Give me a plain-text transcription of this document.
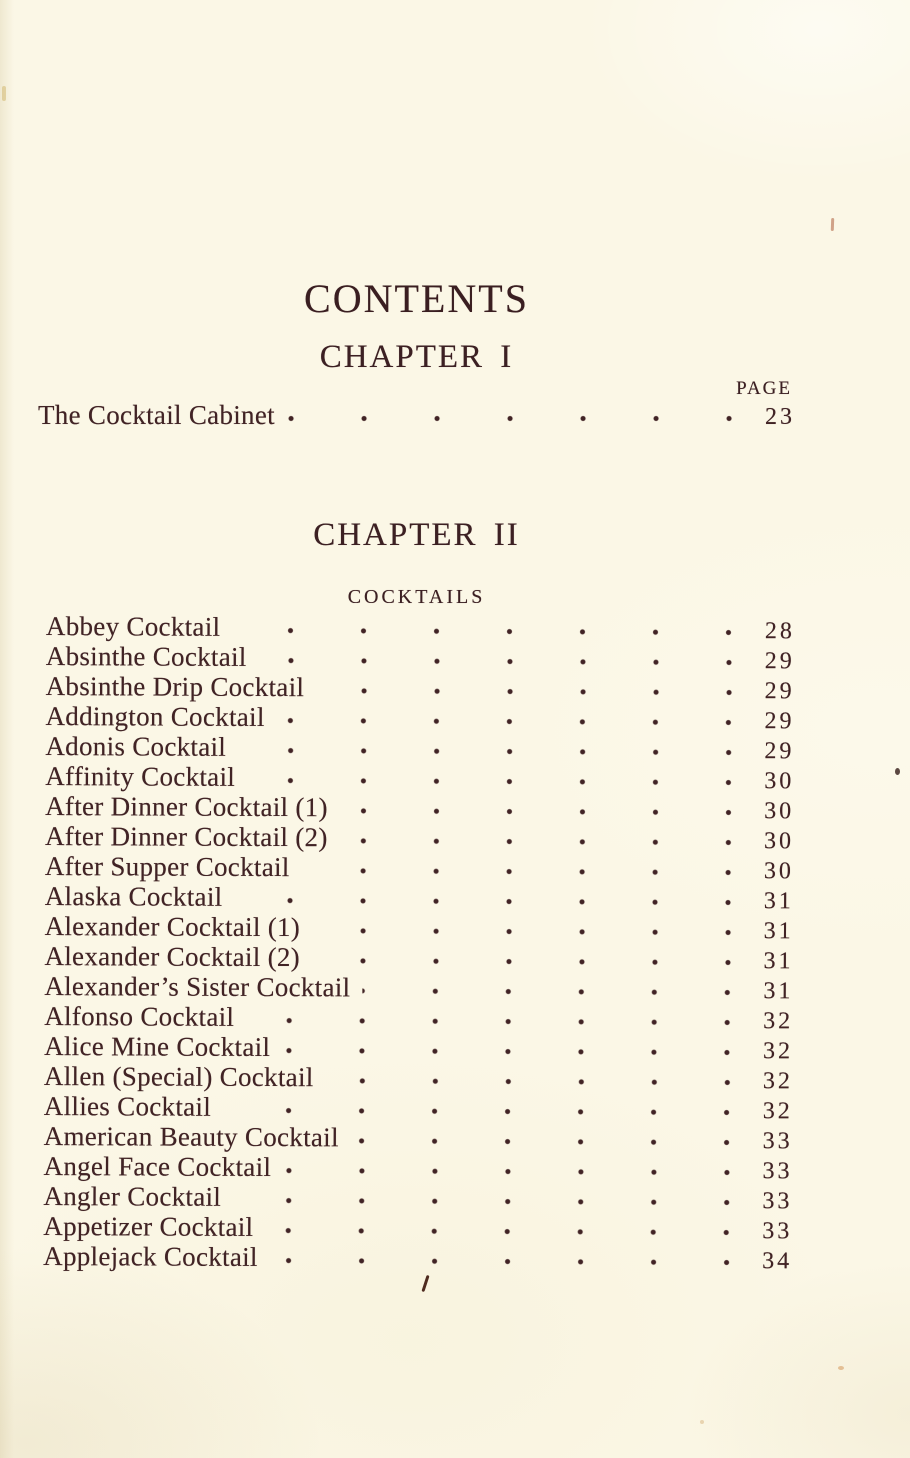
CONTENTS
CHAPTER I
PAGE
The Cocktail Cabinet	23
CHAPTER II
COCKTAILS
Abbey Cocktail	28
Absinthe Cocktail	29
Absinthe Drip Cocktail	29
Addington Cocktail	29
Adonis Cocktail	29
Affinity Cocktail	30
After Dinner Cocktail (1)	30
After Dinner Cocktail (2)	30
After Supper Cocktail	30
Alaska Cocktail	31
Alexander Cocktail (1)	31
Alexander Cocktail (2)	31
Alexander’s Sister Cocktail	31
Alfonso Cocktail	32
Alice Mine Cocktail	32
Allen (Special) Cocktail	32
Allies Cocktail	32
American Beauty Cocktail	33
Angel Face Cocktail	33
Angler Cocktail	33
Appetizer Cocktail	33
Applejack Cocktail	34
